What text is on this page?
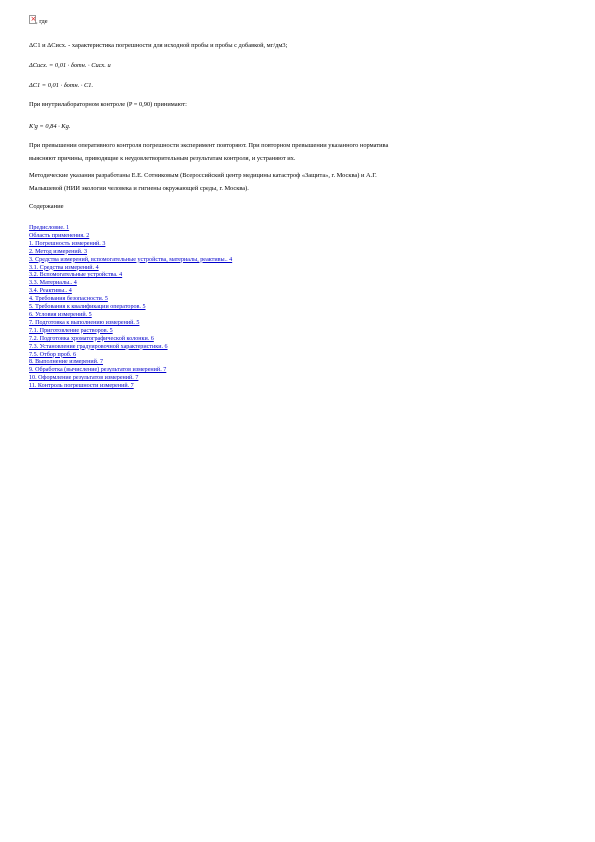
×, где
ΔC1 и ΔCисх. - характеристика погрешности для исходной пробы и пробы с добавкой, мг/дм3;
ΔCисх. = 0,01 · δотн. · Cисх. и
ΔC1 = 0,01 · δотн. · C1.
При внутрилабораторном контроле (P = 0,90) принимают:
K'g = 0,84 · Kg.
При превышении оперативного контроля погрешности эксперимент повторяют. При повторном превышении указанного норматива
выясняют причины, приводящие к неудовлетворительным результатам контроля, и устраняют их.
Методические указания разработаны Е.Е. Сотниковым (Всероссийский центр медицины катастроф «Защита», г. Москва) и А.Г.
Малышевой (НИИ экологии человека и гигиены окружающей среды, г. Москва).
Содержание
Предисловие. 1
Область применения. 2
1. Погрешность измерений. 3
2. Метод измерений. 3
3. Средства измерений, вспомогательные устройства, материалы, реактивы.. 4
3.1. Средства измерений. 4
3.2. Вспомогательные устройства. 4
3.3. Материалы.. 4
3.4. Реактивы.. 4
4. Требования безопасности. 5
5. Требования к квалификации операторов. 5
6. Условия измерений. 5
7. Подготовка к выполнению измерений. 5
7.1. Приготовление растворов. 5
7.2. Подготовка хроматографической колонки. 6
7.3. Установление градуировочной характеристики. 6
7.5. Отбор проб. 6
8. Выполнение измерений. 7
9. Обработка (вычисление) результатов измерений. 7
10. Оформление результатов измерений. 7
11. Контроль погрешности измерений. 7
